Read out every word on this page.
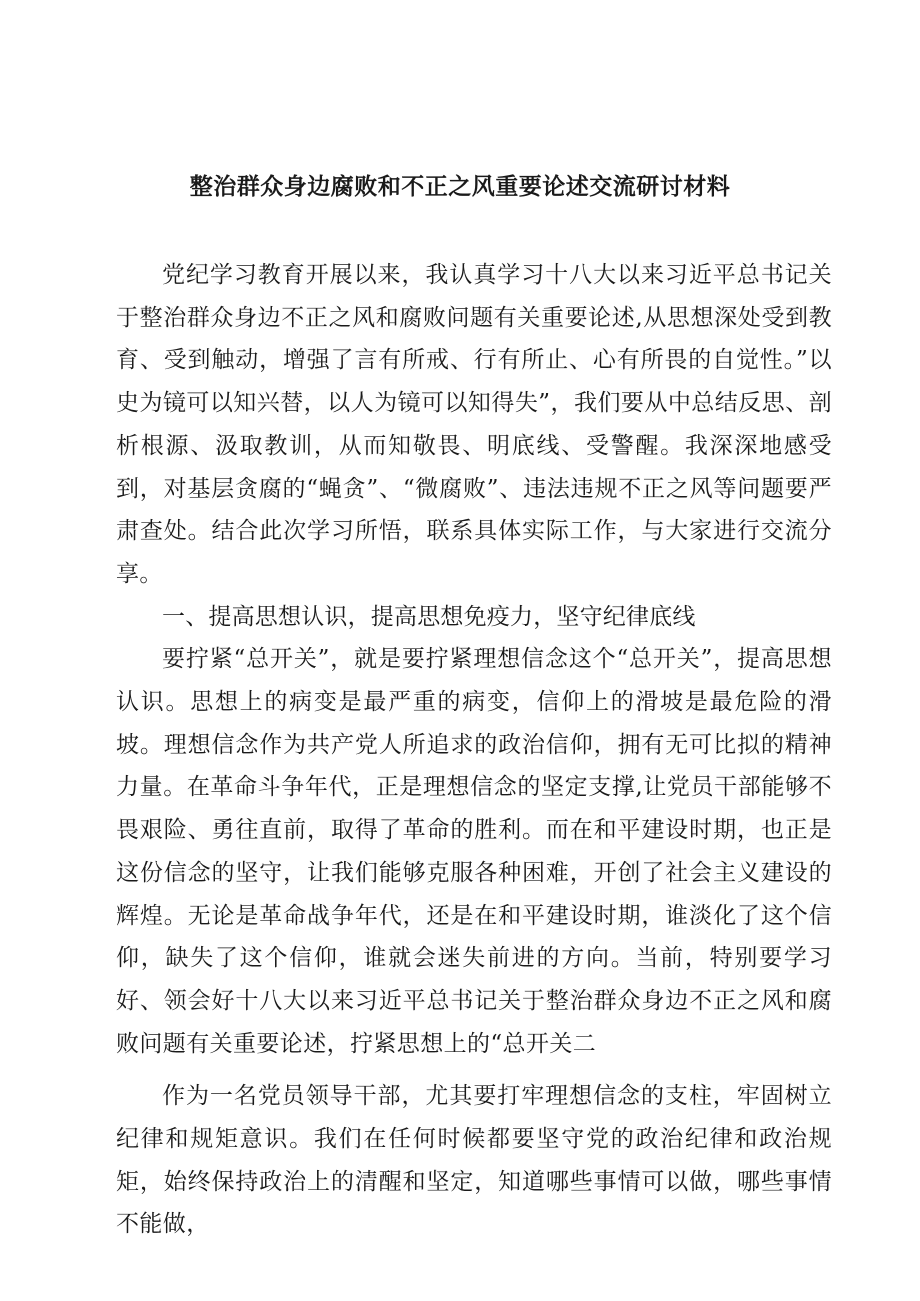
整治群众身边腐败和不正之风重要论述交流研讨材料

党纪学习教育开展以来，我认真学习十八大以来习近平总书记关于整治群众身边不正之风和腐败问题有关重要论述,从思想深处受到教育、受到触动，增强了言有所戒、行有所止、心有所畏的自觉性。”以史为镜可以知兴替，以人为镜可以知得失”，我们要从中总结反思、剖析根源、汲取教训，从而知敬畏、明底线、受警醒。我深深地感受到，对基层贪腐的“蝇贪”、“微腐败”、违法违规不正之风等问题要严肃查处。结合此次学习所悟，联系具体实际工作，与大家进行交流分享。

一、提高思想认识，提高思想免疫力，坚守纪律底线

要拧紧“总开关”，就是要拧紧理想信念这个“总开关”，提高思想认识。思想上的病变是最严重的病变，信仰上的滑坡是最危险的滑坡。理想信念作为共产党人所追求的政治信仰，拥有无可比拟的精神力量。在革命斗争年代，正是理想信念的坚定支撑,让党员干部能够不畏艰险、勇往直前，取得了革命的胜利。而在和平建设时期，也正是这份信念的坚守，让我们能够克服各种困难，开创了社会主义建设的辉煌。无论是革命战争年代，还是在和平建设时期，谁淡化了这个信仰，缺失了这个信仰，谁就会迷失前进的方向。当前，特别要学习好、领会好十八大以来习近平总书记关于整治群众身边不正之风和腐败问题有关重要论述，拧紧思想上的“总开关二

作为一名党员领导干部，尤其要打牢理想信念的支柱，牢固树立纪律和规矩意识。我们在任何时候都要坚守党的政治纪律和政治规矩，始终保持政治上的清醒和坚定，知道哪些事情可以做，哪些事情不能做，
